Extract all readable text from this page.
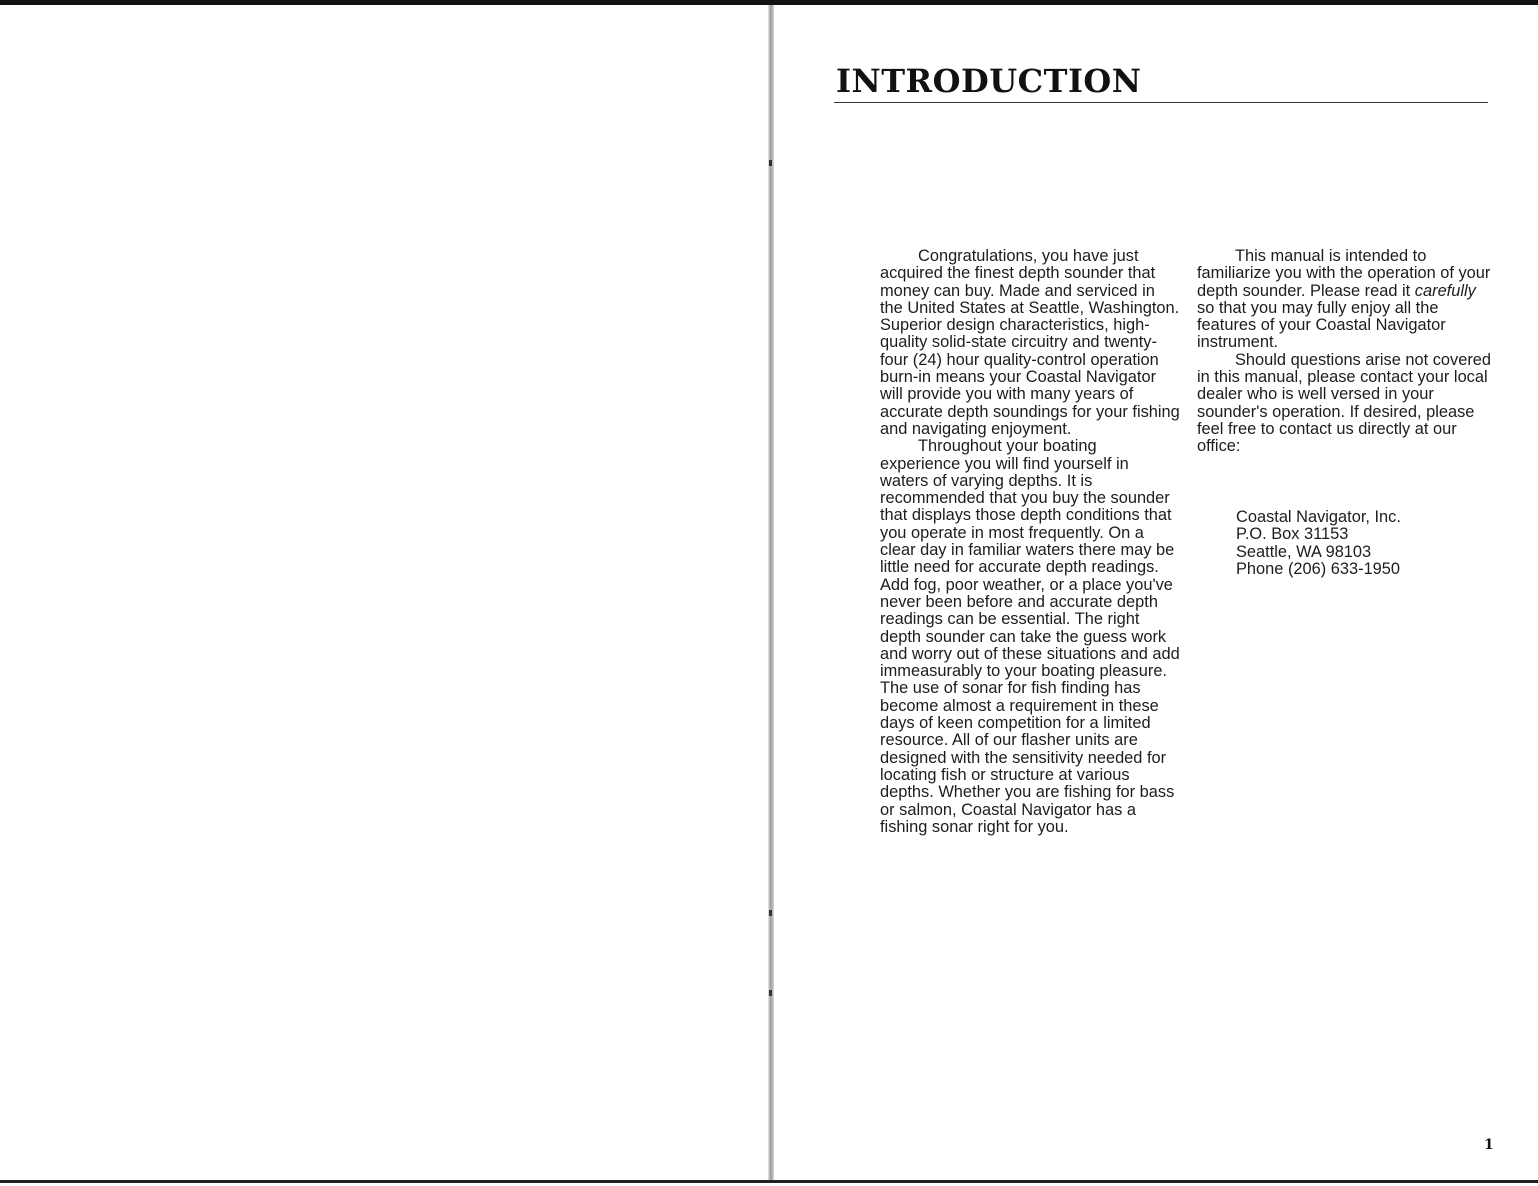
INTRODUCTION

Congratulations, you have just acquired the finest depth sounder that money can buy. Made and serviced in the United States at Seattle, Washington. Superior design characteristics, high-quality solid-state circuitry and twenty-four (24) hour quality-control operation burn-in means your Coastal Navigator will provide you with many years of accurate depth soundings for your fishing and navigating enjoyment.

Throughout your boating experience you will find yourself in waters of varying depths. It is recommended that you buy the sounder that displays those depth conditions that you operate in most frequently. On a clear day in familiar waters there may be little need for accurate depth readings. Add fog, poor weather, or a place you've never been before and accurate depth readings can be essential. The right depth sounder can take the guess work and worry out of these situations and add immeasurably to your boating pleasure. The use of sonar for fish finding has become almost a requirement in these days of keen competition for a limited resource. All of our flasher units are designed with the sensitivity needed for locating fish or structure at various depths. Whether you are fishing for bass or salmon, Coastal Navigator has a fishing sonar right for you.

This manual is intended to familiarize you with the operation of your depth sounder. Please read it carefully so that you may fully enjoy all the features of your Coastal Navigator instrument.

Should questions arise not covered in this manual, please contact your local dealer who is well versed in your sounder's operation. If desired, please feel free to contact us directly at our office:

Coastal Navigator, Inc.
P.O. Box 31153
Seattle, WA 98103
Phone (206) 633-1950
1
